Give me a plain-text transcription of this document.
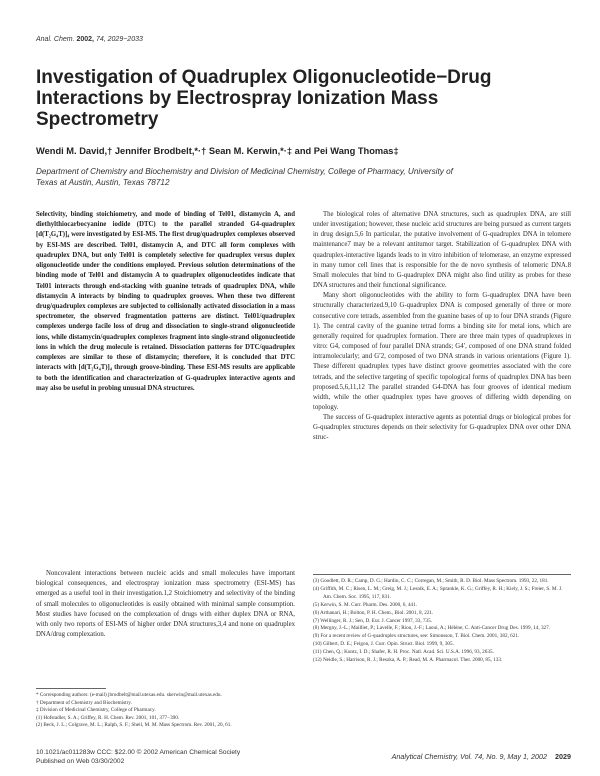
Anal. Chem. 2002, 74, 2029−2033
Investigation of Quadruplex Oligonucleotide−Drug Interactions by Electrospray Ionization Mass Spectrometry
Wendi M. David,† Jennifer Brodbelt,*·† Sean M. Kerwin,*·‡ and Pei Wang Thomas‡
Department of Chemistry and Biochemistry and Division of Medicinal Chemistry, College of Pharmacy, University of Texas at Austin, Austin, Texas 78712

Selectivity, binding stoichiometry, and mode of binding of Tel01, distamycin A, and diethylthiocarbocyanine iodide (DTC) to the parallel stranded G4-quadruplex [d(T₂G₄T)]₄ were investigated by ESI-MS. The first drug/quadruplex complexes observed by ESI-MS are described. Tel01, distamycin A, and DTC all form complexes with quadruplex DNA, but only Tel01 is completely selective for quadruplex versus duplex oligonucleotide under the conditions employed. Previous solution determinations of the binding mode of Tel01 and distamycin A to quadruplex oligonucleotides indicate that Tel01 interacts through end-stacking with guanine tetrads of quadruplex DNA, while distamycin A interacts by binding to quadruplex grooves. When these two different drug/quadruplex complexes are subjected to collisionally activated dissociation in a mass spectrometer, the observed fragmentation patterns are distinct. Tel01/quadruplex complexes undergo facile loss of drug and dissociation to single-strand oligonucleotide ions, while distamycin/quadruplex complexes fragment into single-strand oligonucleotide ions in which the drug molecule is retained. Dissociation patterns for DTC/quadruplex complexes are similar to those of distamycin; therefore, it is concluded that DTC interacts with [d(T₂G₄T)]₄ through groove-binding. These ESI-MS results are applicable to both the identification and characterization of G-quadruplex interactive agents and may also be useful in probing unusual DNA structures.

Noncovalent interactions between nucleic acids and small molecules have important biological consequences, and electrospray ionization mass spectrometry (ESI-MS) has emerged as a useful tool in their investigation.1,2 Stoichiometry and selectivity of the binding of small molecules to oligonucleotides is easily obtained with minimal sample consumption. Most studies have focused on the complexation of drugs with either duplex DNA or RNA, with only two reports of ESI-MS of higher order DNA structures,3,4 and none on quadruplex DNA/drug complexation.

The biological roles of alternative DNA structures, such as quadruplex DNA, are still under investigation; however, these nucleic acid structures are being pursued as current targets in drug design.5,6 In particular, the putative involvement of G-quadruplex DNA in telomere maintenance7 may be a relevant antitumor target. Stabilization of G-quadruplex DNA with quadruplex-interactive ligands leads to in vitro inhibition of telomerase, an enzyme expressed in many tumor cell lines that is responsible for the de novo synthesis of telomeric DNA.8 Small molecules that bind to G-quadruplex DNA might also find utility as probes for these DNA structures and their functional significance.

Many short oligonucleotides with the ability to form G-quadruplex DNA have been structurally characterized.9,10 G-quadruplex DNA is composed generally of three or more consecutive core tetrads, assembled from the guanine bases of up to four DNA strands (Figure 1). The central cavity of the guanine tetrad forms a binding site for metal ions, which are generally required for quadruplex formation. There are three main types of quadruplexes in vitro: G4, composed of four parallel DNA strands; G4′, composed of one DNA strand folded intramolecularly; and G′2, composed of two DNA strands in various orientations (Figure 1). These different quadruplex types have distinct groove geometries associated with the core tetrads, and the selective targeting of specific topological forms of quadruplex DNA has been proposed.5,6,11,12 The parallel stranded G4-DNA has four grooves of identical medium width, while the other quadruplex types have grooves of differing width depending on topology.

The success of G-quadruplex interactive agents as potential drugs or biological probes for G-quadruplex structures depends on their selectivity for G-quadruplex DNA over other DNA struc-

* Corresponding authors: (e-mail) jbrodbelt@mail.utexas.edu. skerwin@mail.utexas.edu.
† Department of Chemistry and Biochemistry.
‡ Division of Medicinal Chemistry, College of Pharmacy.
(1) Hofstadler, S. A.; Griffey, R. H. Chem. Rev. 2001, 101, 377−390.
(2) Beck, J. L.; Colgrave, M. L.; Ralph, S. F.; Sheil, M. M. Mass Spectrom. Rev. 2001, 20, 61.
(3) Goodlett, D. R.; Camp, D. G.; Hardin, C. C.; Corregan, M.; Smith, R. D. Biol. Mass Spectrom. 1993, 22, 181.
(4) Griffith, M. C.; Risen, L. M.; Greig, M. J.; Lesnik, E. A.; Sprankle, K. G.; Griffey, R. H.; Kiely, J. S.; Freier, S. M. J. Am. Chem. Soc. 1995, 117, 831.
(5) Kerwin, S. M. Curr. Pharm. Des. 2000, 6, 441.
(6) Arthanari, H.; Bolton, P. H. Chem., Biol. 2001, 8, 221.
(7) Wellinger, R. J.; Sen, D. Eur. J. Cancer 1997, 33, 735.
(8) Mergny, J.-L.; Mailliet, P.; Lavelle, F.; Riou, J.-F.; Laoui, A.; Hélène, C. Anti-Cancer Drug Des. 1999, 14, 327.
(9) For a recent review of G-quadruplex structures, see: Simonsson, T. Biol. Chem. 2001, 382, 621.
(10) Gilbert, D. E.; Feigon, J. Curr. Opin. Struct. Biol. 1999, 9, 305.
(11) Chen, Q.; Kuntz, I. D.; Shafer, R. H. Proc. Natl. Acad. Sci. U.S.A. 1996, 93, 2635.
(12) Neidle, S.; Harrison, R. J.; Reszka, A. P.; Read, M. A. Pharmacol. Ther. 2000, 85, 133.
10.1021/ac011283w CCC: $22.00 © 2002 American Chemical Society
Published on Web 03/30/2002
Analytical Chemistry, Vol. 74, No. 9, May 1, 2002 2029
